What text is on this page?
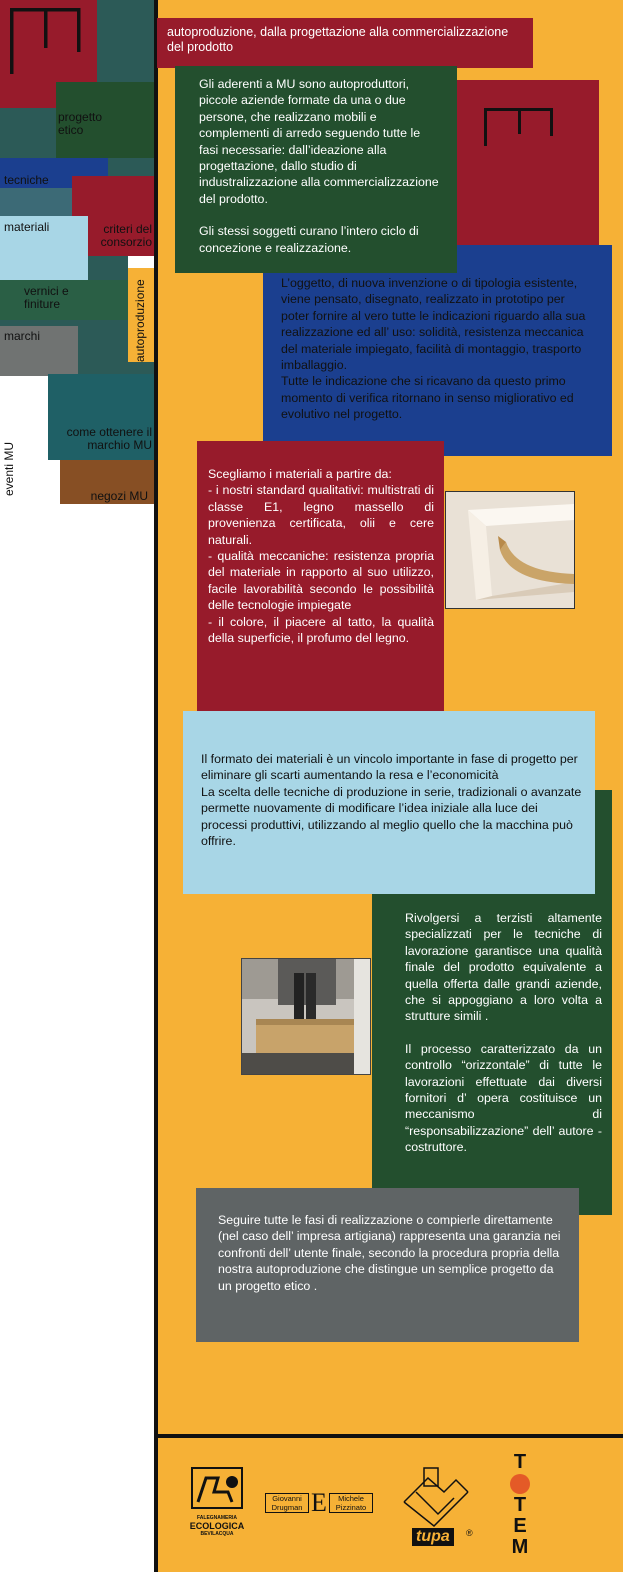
progetto etico
tecniche
materiali	criteri del consorzio
vernici e finiture	autoproduzione
marchi
come ottenere il marchio MU
negozi MU
eventi MU
autoproduzione, dalla progettazione alla commercializzazione del prodotto

L’oggetto, di nuova invenzione o di tipologia esistente, viene pensato, disegnato, realizzato in prototipo per poter fornire al vero tutte le indicazioni riguardo alla sua realizzazione ed all’ uso: solidità, resistenza meccanica del materiale impiegato, facilità di montaggio, trasporto imballaggio.

Tutte le indicazione che si ricavano da questo primo momento di verifica ritornano in senso migliorativo ed evolutivo nel progetto.

Gli aderenti a MU sono autoproduttori, piccole aziende formate da una o due persone, che realizzano mobili e complementi di arredo seguendo tutte le fasi necessarie: dall’ideazione alla progettazione, dallo studio di industralizzazione alla commercializzazione del prodotto.

Gli stessi soggetti curano l’intero ciclo di concezione e realizzazione.

Scegliamo i materiali a partire da:

- i nostri standard qualitativi: multistrati di classe E1, legno massello di provenienza certificata, olii e cere naturali.

- qualità meccaniche: resistenza propria del materiale in rapporto al suo utilizzo, facile lavorabilità secondo le possibilità delle tecnologie impiegate

- il colore, il piacere al tatto, la qualità della superficie, il profumo del legno.

Rivolgersi a terzisti altamente specializzati per le tecniche di lavorazione garantisce una qualità finale del prodotto equivalente a quella offerta dalle grandi aziende, che si appoggiano a loro volta a strutture simili .

Il processo caratterizzato da un controllo “orizzontale” di tutte le lavorazioni effettuate dai diversi fornitori d’ opera costituisce un meccanismo di “responsabilizzazione” dell’ autore - costruttore.

Il formato dei materiali è un vincolo importante in fase di progetto per eliminare gli scarti aumentando la resa e l’economicità

La scelta delle tecniche di produzione in serie, tradizionali o avanzate

permette nuovamente di modificare l’idea iniziale alla luce dei processi produttivi, utilizzando al meglio quello che la macchina può offrire.

Seguire tutte le fasi di realizzazione o compierle direttamente (nel caso dell’ impresa artigiana) rappresenta una garanzia nei confronti dell’ utente finale, secondo la procedura propria della nostra autoproduzione che distingue un semplice progetto da un progetto etico .

FALEGNAMERIA
ECOLOGICA
BEVILACQUA
Giovanni
Drugman E	Michele
Pizzinato
tupa	®
T
T
E
M
